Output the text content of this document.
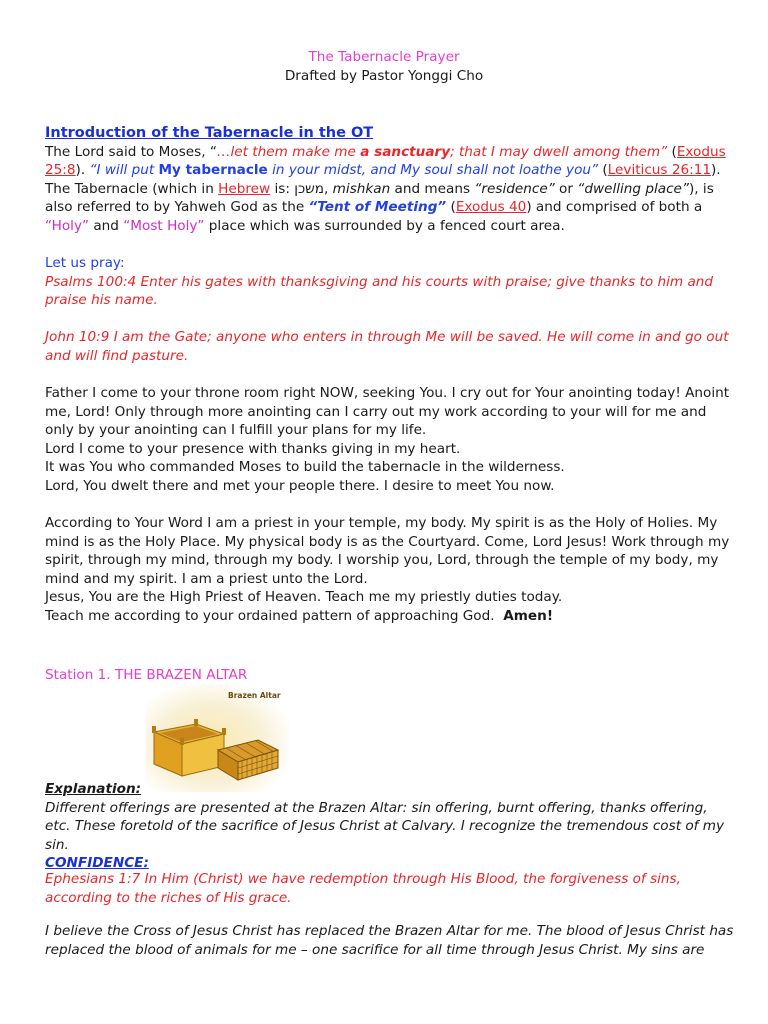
The Tabernacle Prayer
Drafted by Pastor Yonggi Cho

Introduction of the Tabernacle in the OT

The Lord said to Moses, “…let them make me a sanctuary; that I may dwell among them” (Exodus 25:8). “I will put My tabernacle in your midst, and My soul shall not loathe you” (Leviticus 26:11).

The Tabernacle (which in Hebrew is: משכן, mishkan and means “residence” or “dwelling place”), is also referred to by Yahweh God as the “Tent of Meeting” (Exodus 40) and comprised of both a “Holy” and “Most Holy” place which was surrounded by a fenced court area.

Let us pray:

Psalms 100:4 Enter his gates with thanksgiving and his courts with praise; give thanks to him and praise his name.

John 10:9 I am the Gate; anyone who enters in through Me will be saved. He will come in and go out and will find pasture.

Father I come to your throne room right NOW, seeking You. I cry out for Your anointing today! Anoint me, Lord! Only through more anointing can I carry out my work according to your will for me and only by your anointing can I fulfill your plans for my life.

Lord I come to your presence with thanks giving in my heart.

It was You who commanded Moses to build the tabernacle in the wilderness.

Lord, You dwelt there and met your people there. I desire to meet You now.

According to Your Word I am a priest in your temple, my body. My spirit is as the Holy of Holies. My mind is as the Holy Place. My physical body is as the Courtyard. Come, Lord Jesus! Work through my spirit, through my mind, through my body. I worship you, Lord, through the temple of my body, my mind and my spirit. I am a priest unto the Lord.

Jesus, You are the High Priest of Heaven. Teach me my priestly duties today.

Teach me according to your ordained pattern of approaching God. Amen!

Station 1. THE BRAZEN ALTAR
Brazen Altar

Explanation:

Different offerings are presented at the Brazen Altar: sin offering, burnt offering, thanks offering, etc. These foretold of the sacrifice of Jesus Christ at Calvary. I recognize the tremendous cost of my sin.

CONFIDENCE:

Ephesians 1:7 In Him (Christ) we have redemption through His Blood, the forgiveness of sins, according to the riches of His grace.
I believe the Cross of Jesus Christ has replaced the Brazen Altar for me. The blood of Jesus Christ has replaced the blood of animals for me – one sacrifice for all time through Jesus Christ. My sins are
